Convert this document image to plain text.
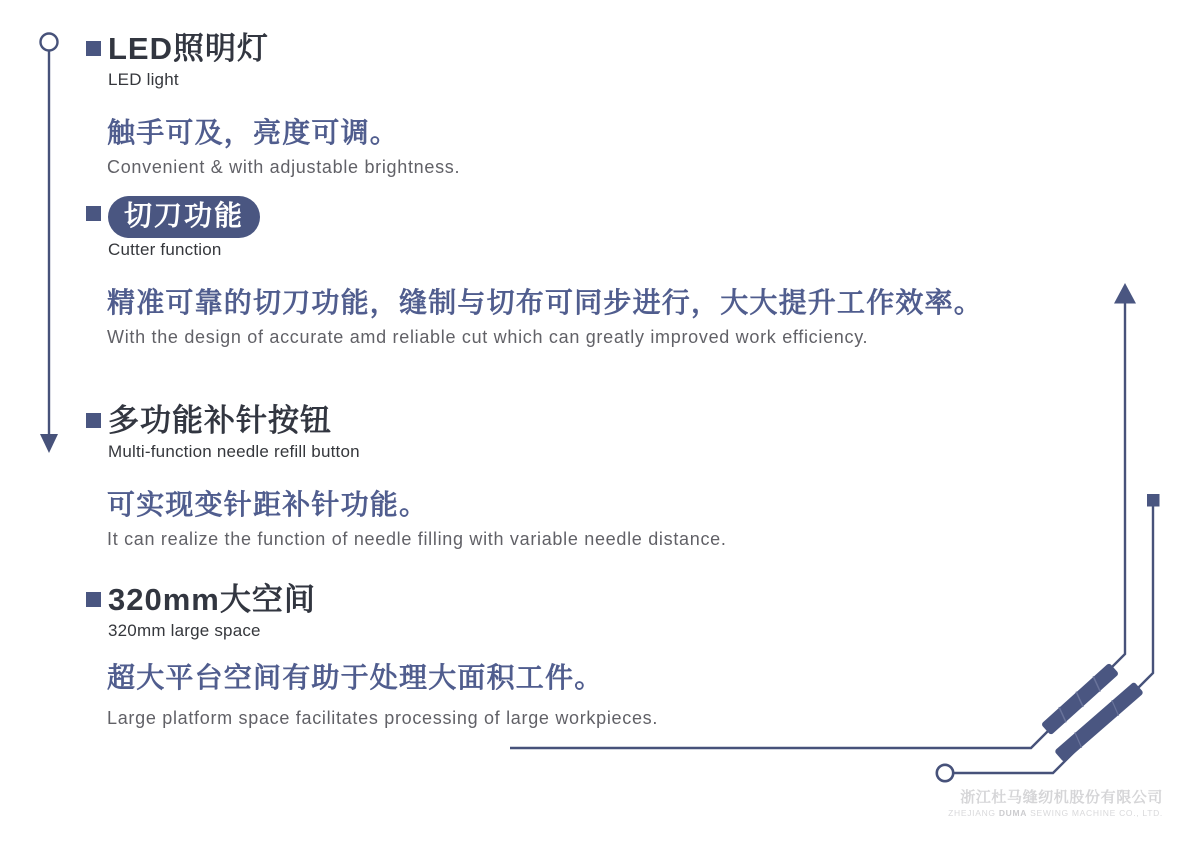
LED照明灯
LED light
触手可及，亮度可调。
Convenient & with adjustable brightness.
切刀功能
Cutter function
精准可靠的切刀功能，缝制与切布可同步进行，大大提升工作效率。
With the design of accurate amd reliable cut which can greatly improved work efficiency.
多功能补针按钮
Multi-function needle refill button
可实现变针距补针功能。
It can realize the function of needle filling with variable needle distance.
320mm大空间
320mm large space
超大平台空间有助于处理大面积工件。
Large platform space facilitates processing of large workpieces.
浙江杜马缝纫机股份有限公司
ZHEJIANG DUMA SEWING MACHINE CO., LTD.
